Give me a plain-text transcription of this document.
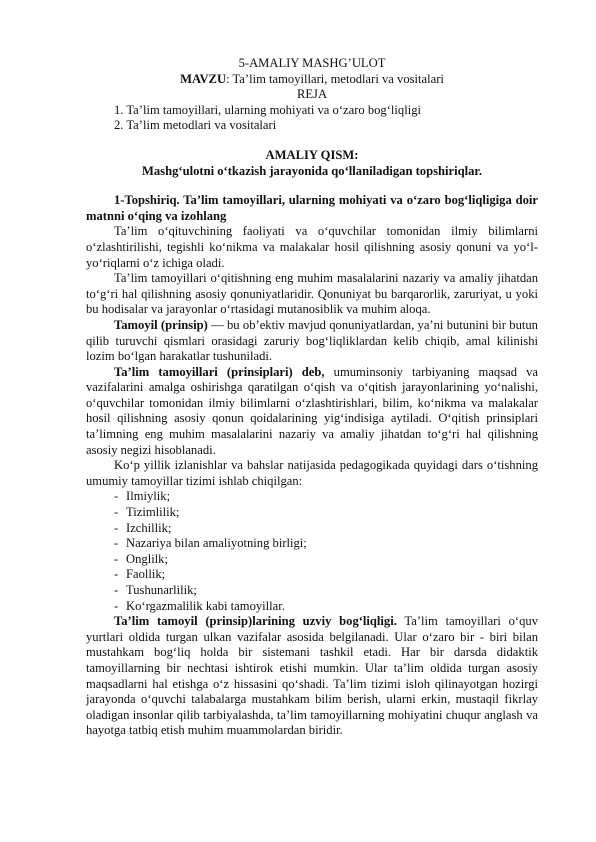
5-AMALIY MASHG’ULOT

MAVZU: Ta’lim tamoyillari, metodlari va vositalari

REJA

1. Ta’lim tamoyillari, ularning mohiyati va o‘zaro bog‘liqligi
2. Ta’lim metodlari va vositalari

AMALIY QISM:

Mashg‘ulotni o‘tkazish jarayonida qo‘llaniladigan topshiriqlar.

1-Topshiriq. Ta’lim tamoyillari, ularning mohiyati va o‘zaro bog‘liqligiga doir matnni o‘qing va izohlang

Ta’lim o‘qituvchining faoliyati va o‘quvchilar tomonidan ilmiy bilimlarni o‘zlashtirilishi, tegishli ko‘nikma va malakalar hosil qilishning asosiy qonuni va yo‘l-yo‘riqlarni o‘z ichiga oladi.

Ta’lim tamoyillari o‘qitishning eng muhim masalalarini nazariy va amaliy jihatdan to‘g‘ri hal qilishning asosiy qonuniyatlaridir. Qonuniyat bu barqarorlik, zaruriyat, u yoki bu hodisalar va jarayonlar o‘rtasidagi mutanosiblik va muhim aloqa.

Tamoyil (prinsip) — bu ob’ektiv mavjud qonuniyatlardan, ya’ni butunini bir butun qilib turuvchi qismlari orasidagi zaruriy bog‘liqliklardan kelib chiqib, amal kilinishi lozim bo‘lgan harakatlar tushuniladi.

Ta’lim tamoyillari (prinsiplari) deb, umuminsoniy tarbiyaning maqsad va vazifalarini amalga oshirishga qaratilgan o‘qish va o‘qitish jarayonlarining yo‘nalishi, o‘quvchilar tomonidan ilmiy bilimlarni o‘zlashtirishlari, bilim, ko‘nikma va malakalar hosil qilishning asosiy qonun qoidalarining yig‘indisiga aytiladi. O‘qitish prinsiplari ta’limning eng muhim masalalarini nazariy va amaliy jihatdan to‘g‘ri hal qilishning asosiy negizi hisoblanadi.

Ko‘p yillik izlanishlar va bahslar natijasida pedagogikada quyidagi dars o‘tishning umumiy tamoyillar tizimi ishlab chiqilgan:

- Ilmiylik;
- Tizimlilik;
- Izchillik;
- Nazariya bilan amaliyotning birligi;
- Onglilk;
- Faollik;
- Tushunarlilik;
- Ko‘rgazmalilik kabi tamoyillar.

Ta’lim tamoyil (prinsip)larining uzviy bog‘liqligi. Ta’lim tamoyillari o‘quv yurtlari oldida turgan ulkan vazifalar asosida belgilanadi. Ular o‘zaro bir - biri bilan mustahkam bog‘liq holda bir sistemani tashkil etadi. Har bir darsda didaktik tamoyillarning bir nechtasi ishtirok etishi mumkin. Ular ta’lim oldida turgan asosiy maqsadlarni hal etishga o‘z hissasini qo‘shadi. Ta’lim tizimi isloh qilinayotgan hozirgi jarayonda o‘quvchi talabalarga mustahkam bilim berish, ularni erkin, mustaqil fikrlay oladigan insonlar qilib tarbiyalashda, ta’lim tamoyillarning mohiyatini chuqur anglash va hayotga tatbiq etish muhim muammolardan biridir.
